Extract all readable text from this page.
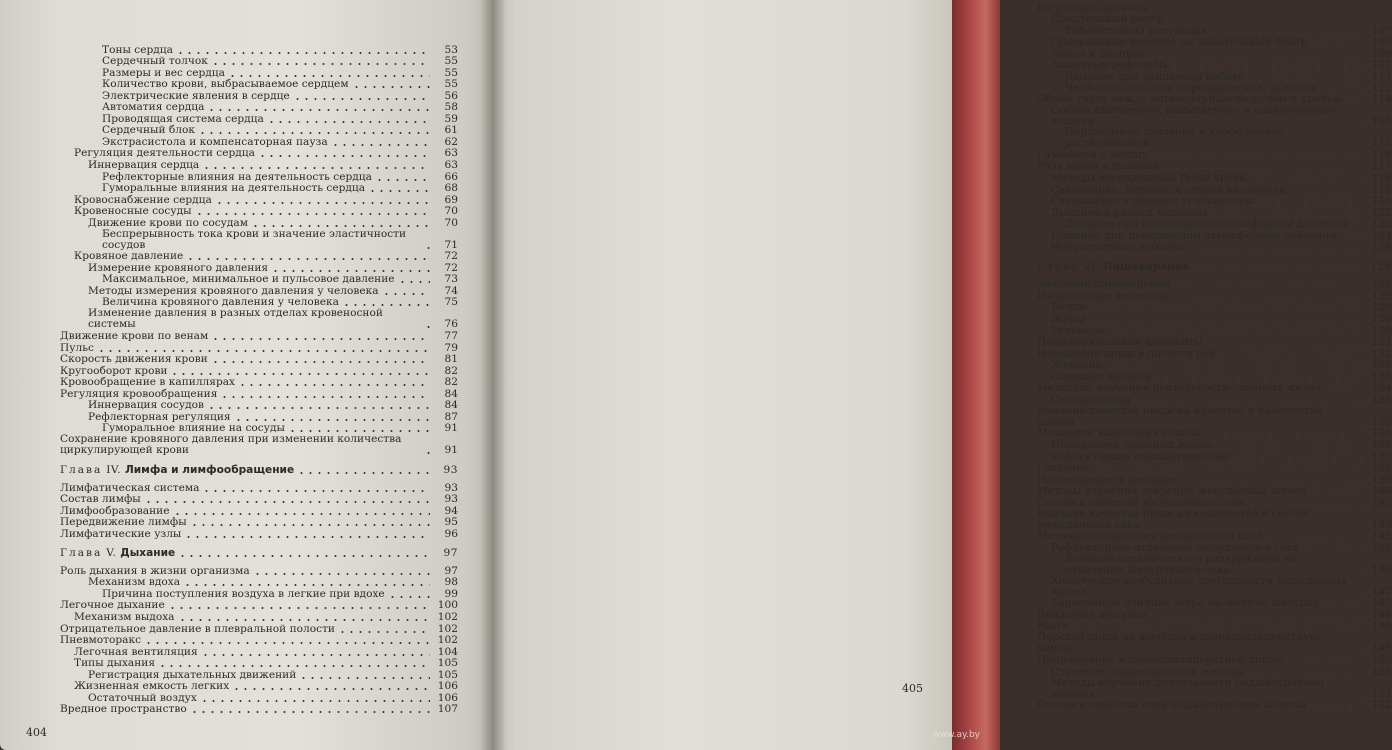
Тоны сердца	53
Сердечный толчок	55
Размеры и вес сердца	55
Количество крови, выбрасываемое сердцем	55
Электрические явления в сердце	56
Автоматия сердца	58
Проводящая система сердца	59
Сердечный блок	61
Экстрасистола и компенсаторная пауза	62
Регуляция деятельности сердца	63
Иннервация сердца	63
Рефлекторные влияния на деятельность сердца	66
Гуморальные влияния на деятельность сердца	68
Кровоснабжение сердца	69
Кровеносные сосуды	70
Движение крови по сосудам	70
Беспрерывность тока крови и значение эластичности сосудов	71
Кровяное давление	72
Измерение кровяного давления	72
Максимальное, минимальное и пульсовое давление	73
Методы измерения кровяного давления у человека	74
Величина кровяного давления у человека	75
Изменение давления в разных отделах кровеносной системы	76
Движение крови по венам	77
Пульс	79
Скорость движения крови	81
Кругооборот крови	82
Кровообращение в капиллярах	82
Регуляция кровообращения	84
Иннервация сосудов	84
Рефлекторная регуляция	87
Гуморальное влияние на сосуды	91
Сохранение кровяного давления при изменении количества циркулирующей крови	91
Глава IV. Лимфа и лимфообращение	93
Лимфатическая система	93
Состав лимфы	93
Лимфообразование	94
Передвижение лимфы	95
Лимфатические узлы	96
Глава V. Дыхание	97
Роль дыхания в жизни организма	97
Механизм вдоха	98
Причина поступления воздуха в легкие при вдохе	99
Легочное дыхание	100
Механизм выдоха	102
Отрицательное давление в плевральной полости	102
Пневмоторакс	102
Легочная вентиляция	104
Типы дыхания	105
Регистрация дыхательных движений	105
Жизненная емкость легких	106
Остаточный воздух	106
Вредное пространство	107
Регуляция дыхания
Дыхательный центр
Рефлекторная регуляция	107
Гуморальные влияния на дыхательный центр	107
Апноэ и диспноэ	108
Защитные рефлексы	111
Дыхание при мышечной работе	111
Чейн-стоксово, или периодическое, дыхание	112
Обмен газов между альвеолярным воздухом и кровью	114
Состав вдыхаемого, выдыхаемого и альвеолярного воздуха	115
Парциальное давление и коэффициент растворимости	115
Газообмен в легких	116
Роль крови в дыхании	117
Методы исследования газов крови	118
Связывание, перенос и отдача кислорода	118
Связывание и перенос углекислоты	119
Дыхание в разных условиях	122
Дыхание при пониженном атмосферном давлении	123
Дыхание при повышенном атмосферном давлении	124
Искусственное дыхание	126
Глава VI. Пищеварение	128
Значение пищеварения	128
Питательные вещества	129
Белки	129
Жиры	130
Углеводы	130
Пищеварительные ферменты	131
Изменение пищи в полости рта	132
Жевание	132
Слюнные железы	133
Методика изучения деятельности слюнных желез	134
Состав слюны	135
Влияние качества пищи на качество и количество слюны	135
Механизм выделения слюны	136
Иннервация слюнных желез	136
Рефлекторное слюноотделение	137
Глотание	138
Пищеварение в желудке	139
Методы изучения секреции желудочных желез	140
Состав и свойства желудочного сока	142
Влияние качества пищи на количество и состав желудочного сока	143
Механизм отделения желудочного сока	145
Рефлекторное отделение желудочного сока	145
Влияние механического раздражения на отделение желудочного сока	146
Химические возбудители деятельности желудочных желез	147
Тормозящее влияние жира на железы желудка	147
Движение желудка	148
Рвота	149
Переход пищи из желудка в двенадцатиперстную кишку	149
Пищеварение в двенадцатиперстной кишке	150
Строение поджелудочной железы	151
Методы изучения деятельности поджелудочной железы	151
Состав и свойства сока поджелудочной железы	152
404
405
www.ay.by
